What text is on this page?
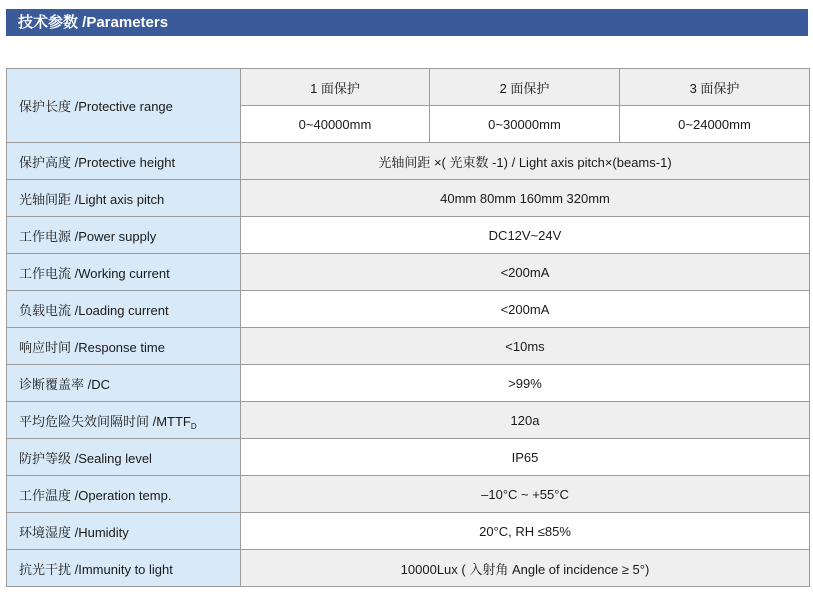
技术参数 /Parameters
保护长度 /Protective range	1 面保护	2 面保护	3 面保护
	0~40000mm	0~30000mm	0~24000mm
保护高度 /Protective height	光轴间距 ×( 光束数 -1) / Light axis pitch×(beams-1)		
光轴间距 /Light axis pitch	40mm 80mm 160mm 320mm		
工作电源 /Power supply	DC12V~24V		
工作电流 /Working current	<200mA		
负载电流 /Loading current	<200mA		
响应时间 /Response time	<10ms		
诊断覆盖率 /DC	>99%		
平均危险失效间隔时间 $/MTTF_D$	120a		
防护等级 /Sealing level	IP65		
工作温度 /Operation temp.	–10°C ~ +55°C		
环境湿度 /Humidity	20°C, RH ≤85%		
抗光干扰 /Immunity to light	10000Lux ( 入射角 Angle of incidence ≥ 5°)		
